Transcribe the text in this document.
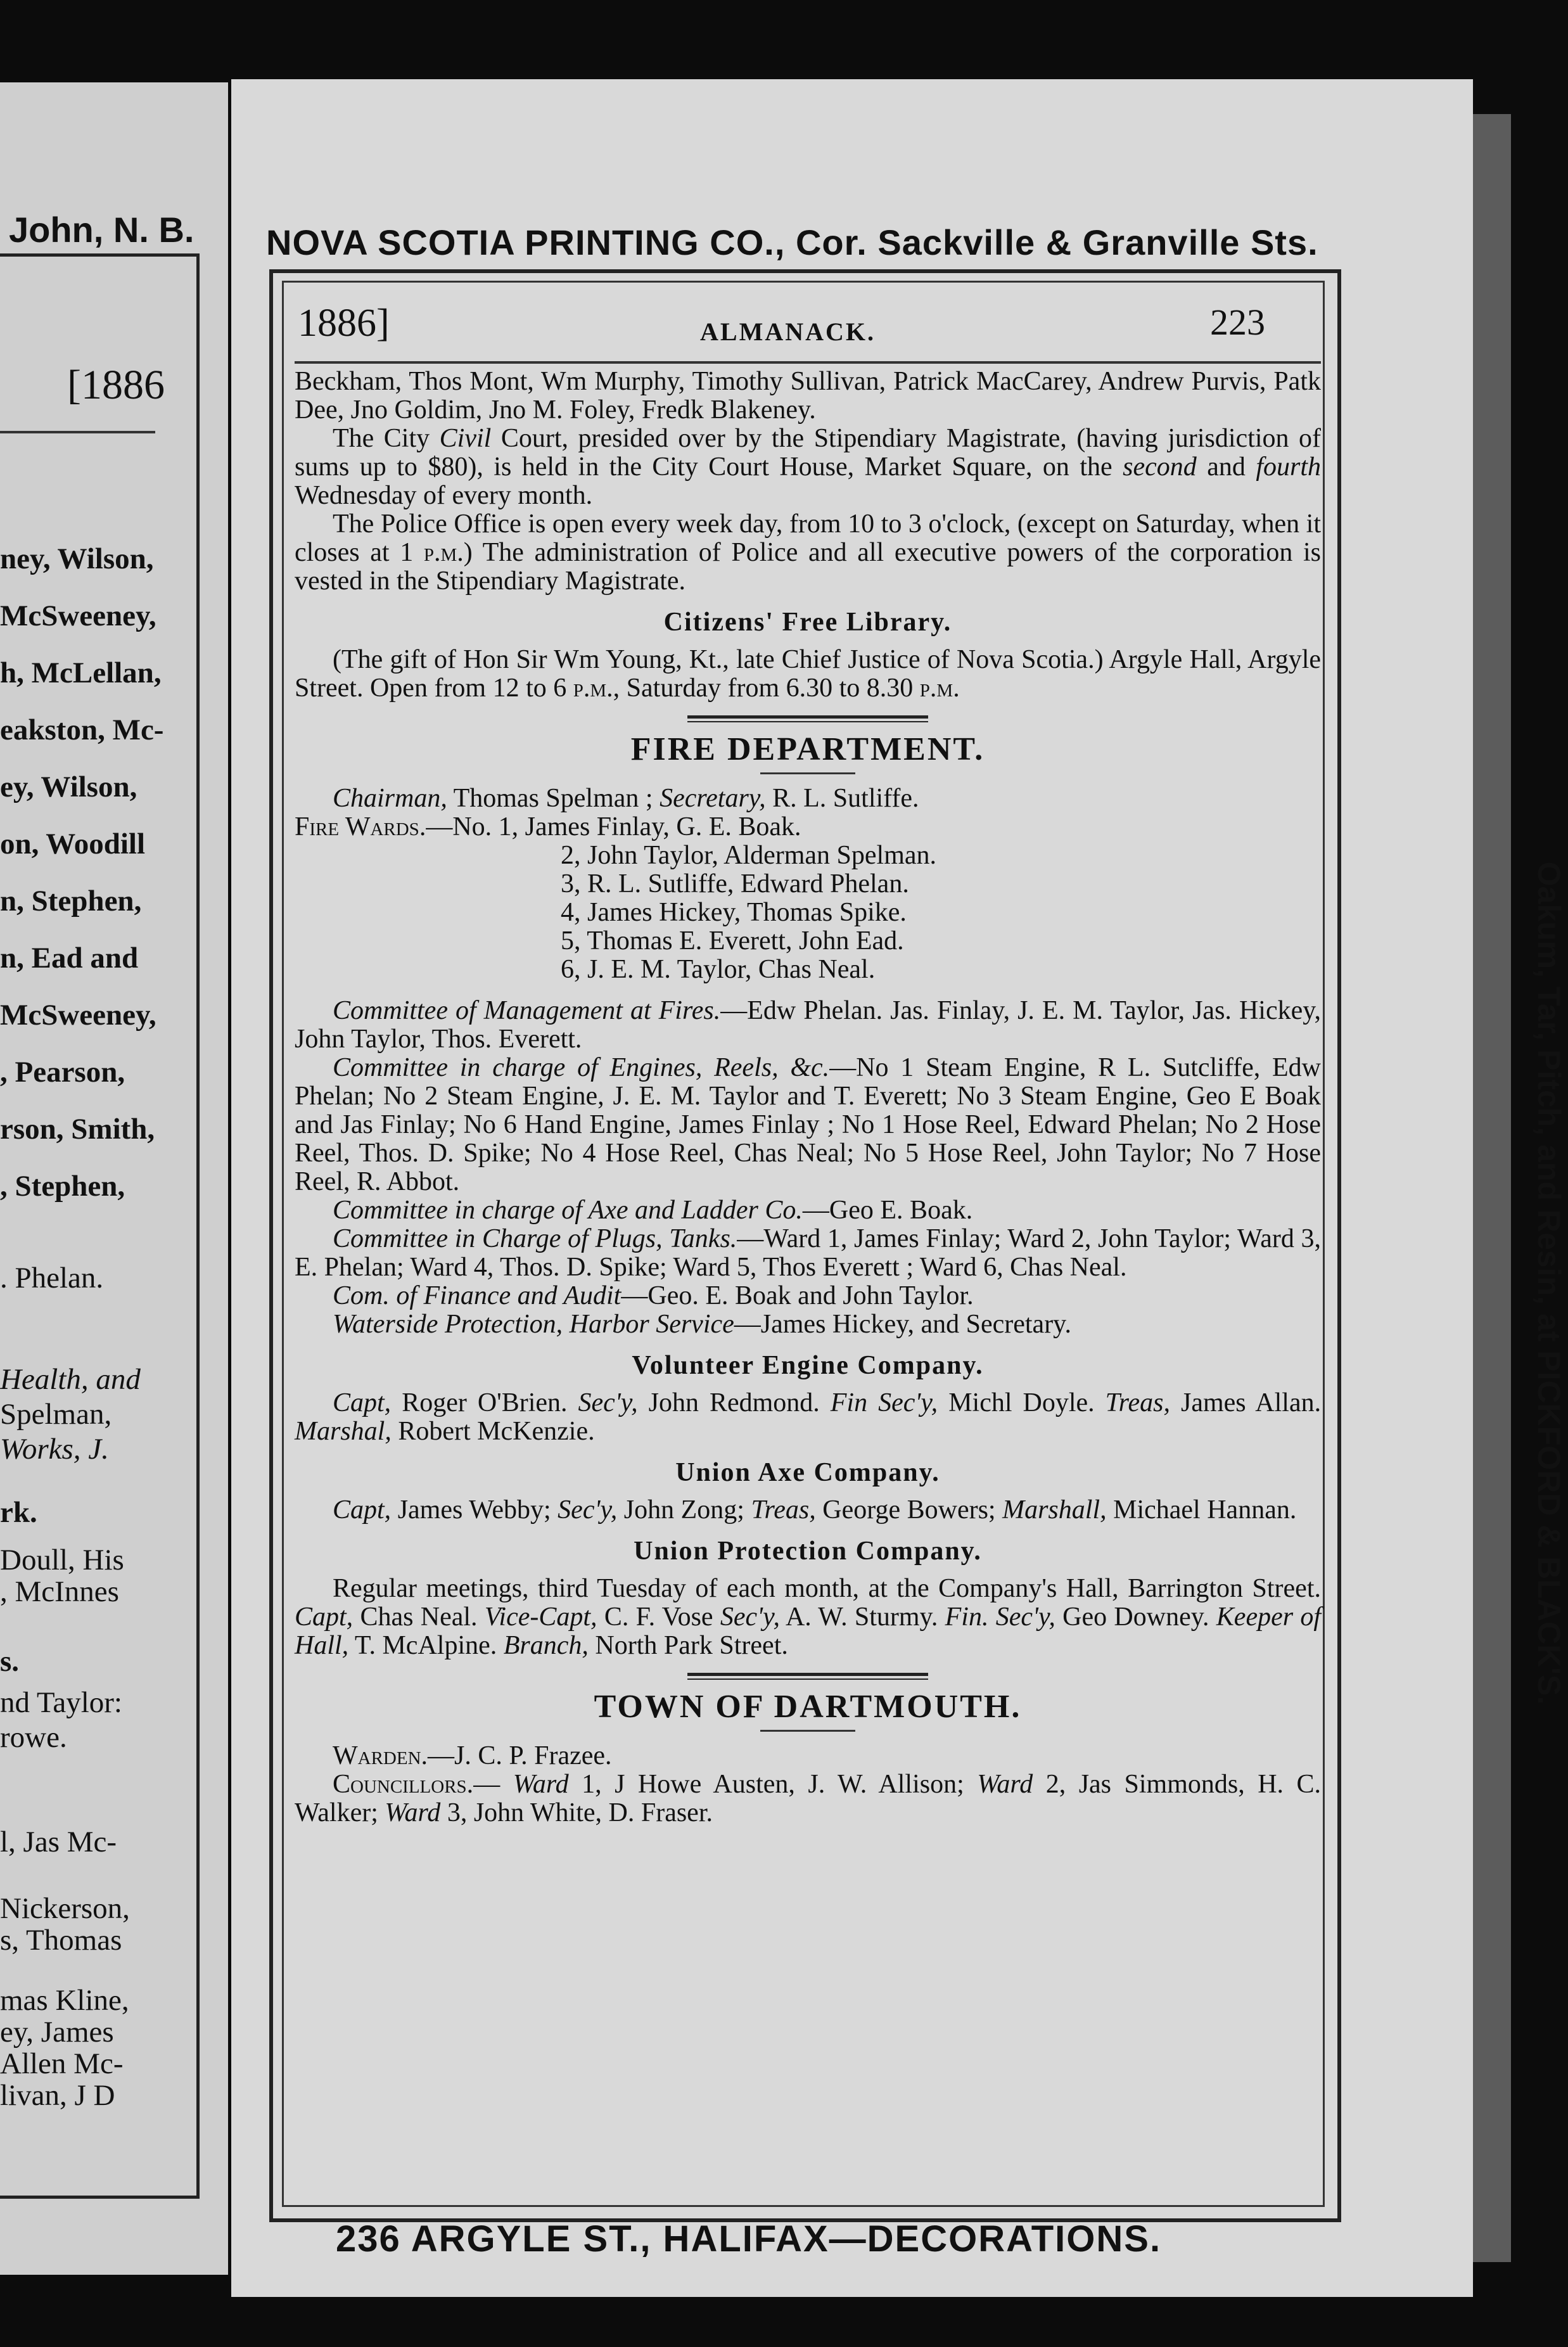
John, N. B.
[1886
ney, Wilson,
McSweeney,
h, McLellan,
eakston, Mc-
ey, Wilson,
on, Woodill
n, Stephen,
n, Ead and
McSweeney,
, Pearson,
rson, Smith,
, Stephen,
. Phelan.
Health, and
Spelman,
Works, J.
rk.
Doull, His
, McInnes
s.
nd Taylor:
rowe.
l, Jas Mc-
Nickerson,
s, Thomas
mas Kline,
ey, James
Allen Mc-
livan, J D
NOVA SCOTIA PRINTING CO., Cor. Sackville & Granville Sts.
1886]	ALMANACK.	223

Beckham, Thos Mont, Wm Murphy, Timothy Sullivan, Patrick MacCarey, Andrew Purvis, Patk Dee, Jno Goldim, Jno M. Foley, Fredk Blakeney.

The City Civil Court, presided over by the Stipendiary Magistrate, (having jurisdiction of sums up to $80), is held in the City Court House, Market Square, on the second and fourth Wednesday of every month.

The Police Office is open every week day, from 10 to 3 o'clock, (except on Saturday, when it closes at 1 p.m.) The administration of Police and all executive powers of the corporation is vested in the Stipendiary Magistrate.

Citizens' Free Library.

(The gift of Hon Sir Wm Young, Kt., late Chief Justice of Nova Scotia.) Argyle Hall, Argyle Street. Open from 12 to 6 p.m., Saturday from 6.30 to 8.30 p.m.

FIRE DEPARTMENT.

Chairman, Thomas Spelman ; Secretary, R. L. Sutliffe.

Fire Wards.—No. 1, James Finlay, G. E. Boak.

2, John Taylor, Alderman Spelman.
3, R. L. Sutliffe, Edward Phelan.
4, James Hickey, Thomas Spike.
5, Thomas E. Everett, John Ead.
6, J. E. M. Taylor, Chas Neal.

Committee of Management at Fires.—Edw Phelan. Jas. Finlay, J. E. M. Taylor, Jas. Hickey, John Taylor, Thos. Everett.

Committee in charge of Engines, Reels, &c.—No 1 Steam Engine, R L. Sutcliffe, Edw Phelan; No 2 Steam Engine, J. E. M. Taylor and T. Everett; No 3 Steam Engine, Geo E Boak and Jas Finlay; No 6 Hand Engine, James Finlay ; No 1 Hose Reel, Edward Phelan; No 2 Hose Reel, Thos. D. Spike; No 4 Hose Reel, Chas Neal; No 5 Hose Reel, John Taylor; No 7 Hose Reel, R. Abbot.

Committee in charge of Axe and Ladder Co.—Geo E. Boak.

Committee in Charge of Plugs, Tanks.—Ward 1, James Finlay; Ward 2, John Taylor; Ward 3, E. Phelan; Ward 4, Thos. D. Spike; Ward 5, Thos Everett ; Ward 6, Chas Neal.

Com. of Finance and Audit—Geo. E. Boak and John Taylor.

Waterside Protection, Harbor Service—James Hickey, and Secretary.

Volunteer Engine Company.

Capt, Roger O'Brien. Sec'y, John Redmond. Fin Sec'y, Michl Doyle. Treas, James Allan. Marshal, Robert McKenzie.

Union Axe Company.

Capt, James Webby; Sec'y, John Zong; Treas, George Bowers; Marshall, Michael Hannan.

Union Protection Company.

Regular meetings, third Tuesday of each month, at the Company's Hall, Barrington Street. Capt, Chas Neal. Vice-Capt, C. F. Vose Sec'y, A. W. Sturmy. Fin. Sec'y, Geo Downey. Keeper of Hall, T. McAlpine. Branch, North Park Street.

TOWN OF DARTMOUTH.

Warden.—J. C. P. Frazee.

Councillors.— Ward 1, J Howe Austen, J. W. Allison; Ward 2, Jas Simmonds, H. C. Walker; Ward 3, John White, D. Fraser.

Oakum, Tar, Pitch, and Resin, at PICKFORD & BLACK'S.
236 ARGYLE ST., HALIFAX—DECORATIONS.
